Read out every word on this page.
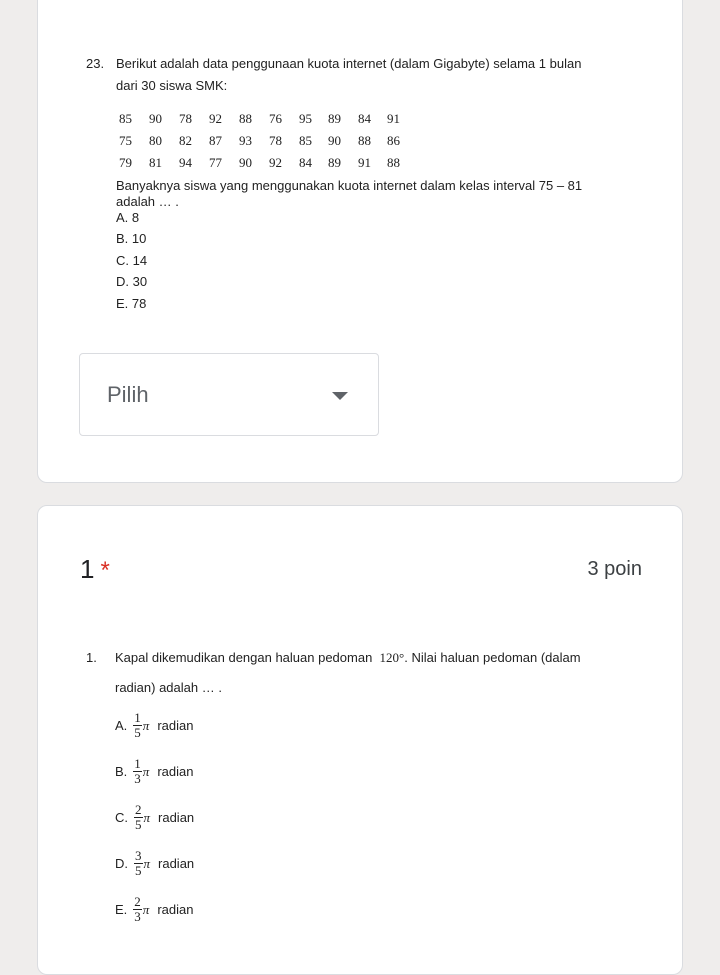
23. Berikut adalah data penggunaan kuota internet (dalam Gigabyte) selama 1 bulan
dari 30 siswa SMK:
85 90 78 92 88 76 95 89 84 91
75 80 82 87 93 78 85 90 88 86
79 81 94 77 90 92 84 89 91 88
Banyaknya siswa yang menggunakan kuota internet dalam kelas interval 75 – 81
adalah … .
A. 8
B. 10
C. 14
D. 30
E. 78
Pilih
1 *	3 poin
1. Kapal dikemudikan dengan haluan pedoman 120°. Nilai haluan pedoman (dalam
radian) adalah … .
A. $\frac{1}{5}$ π radian
B. $\frac{1}{3}$ π radian
C. $\frac{2}{5}$ π radian
D. $\frac{3}{5}$ π radian
E. $\frac{2}{3}$ π radian
